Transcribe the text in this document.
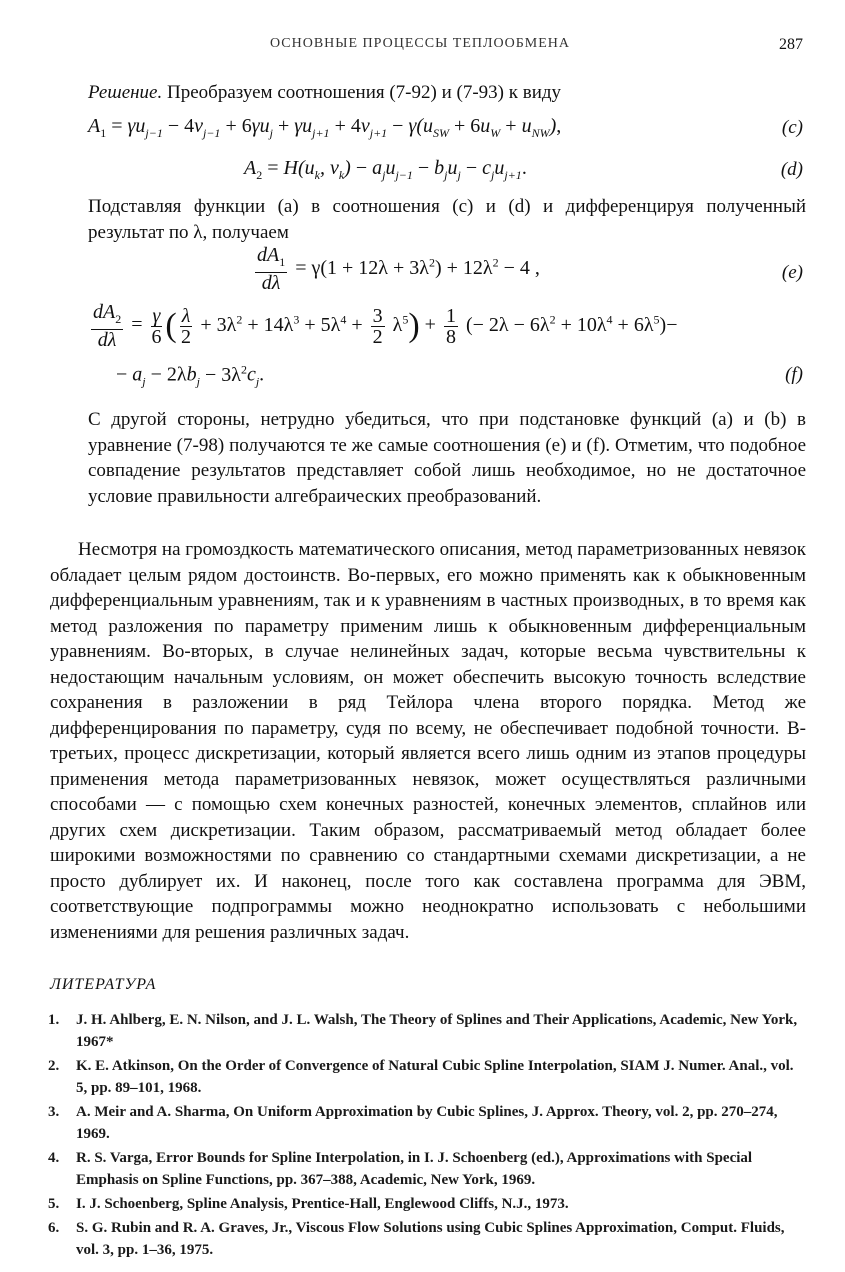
ОСНОВНЫЕ ПРОЦЕССЫ ТЕПЛООБМЕНА	287
Решение. Преобразуем соотношения (7-92) и (7-93) к виду
$A_1 = \gamma u_{j-1} - 4v_{j-1} + 6\gamma u_j + \gamma u_{j+1} + 4v_{j+1} - \gamma(u_{SW} + 6u_W + u_{NW})$,	(c)
$A_2 = H(u_k$, $v_k) - a_ju_{j-1} - b_ju_j - c_ju_{j+1}$.	(d)
Подставляя функции (a) в соотношения (c) и (d) и дифференцируя полученный результат по λ, получаем
$\frac{dA_1}{d\lambda} = \gamma(1 + 12\lambda + 3\lambda^2) + 12\lambda^2 - 4$ ,	(e)
$\frac{dA_2}{d\lambda} = \frac{\gamma}{6}$ ( $\frac{\lambda}{2} + 3\lambda^2 + 14\lambda^3 + 5\lambda^4 + \frac{3}{2} \lambda^5) + \frac{1}{8}$ (− $2\lambda - 6\lambda^2 + 10\lambda^4 + 6\lambda^5)-$
− $a_j - 2\lambda b_j - 3\lambda^2c_j$.	(f)
С другой стороны, нетрудно убедиться, что при подстановке функций (a) и (b) в уравнение (7-98) получаются те же самые соотношения (e) и (f). Отметим, что подобное совпадение результатов представляет собой лишь необходимое, но не достаточное условие правильности алгебраических преобразований.
Несмотря на громоздкость математического описания, метод параметризованных невязок обладает целым рядом достоинств. Во-первых, его можно применять как к обыкновенным дифференциальным уравнениям, так и к уравнениям в частных производных, в то время как метод разложения по параметру применим лишь к обыкновенным дифференциальным уравнениям. Во-вторых, в случае нелинейных задач, которые весьма чувствительны к недостающим начальным условиям, он может обеспечить высокую точность вследствие сохранения в разложении в ряд Тейлора члена второго порядка. Метод же дифференцирования по параметру, судя по всему, не обеспечивает подобной точности. В-третьих, процесс дискретизации, который является всего лишь одним из этапов процедуры применения метода параметризованных невязок, может осуществляться различными способами — с помощью схем конечных разностей, конечных элементов, сплайнов или других схем дискретизации. Таким образом, рассматриваемый метод обладает более широкими возможностями по сравнению со стандартными схемами дискретизации, а не просто дублирует их. И наконец, после того как составлена программа для ЭВМ, соответствующие подпрограммы можно неоднократно использовать с небольшими изменениями для решения различных задач.
ЛИТЕРАТУРА
1. J. H. Ahlberg, E. N. Nilson, and J. L. Walsh, The Theory of Splines and Their Applications, Academic, New York, 1967*
2. K. E. Atkinson, On the Order of Convergence of Natural Cubic Spline Interpolation, SIAM J. Numer. Anal., vol. 5, pp. 89–101, 1968.
3. A. Meir and A. Sharma, On Uniform Approximation by Cubic Splines, J. Approx. Theory, vol. 2, pp. 270–274, 1969.
4. R. S. Varga, Error Bounds for Spline Interpolation, in I. J. Schoenberg (ed.), Approximations with Special Emphasis on Spline Functions, pp. 367–388, Academic, New York, 1969.
5. I. J. Schoenberg, Spline Analysis, Prentice-Hall, Englewood Cliffs, N.J., 1973.
6. S. G. Rubin and R. A. Graves, Jr., Viscous Flow Solutions using Cubic Splines Approximation, Comput. Fluids, vol. 3, pp. 1–36, 1975.
